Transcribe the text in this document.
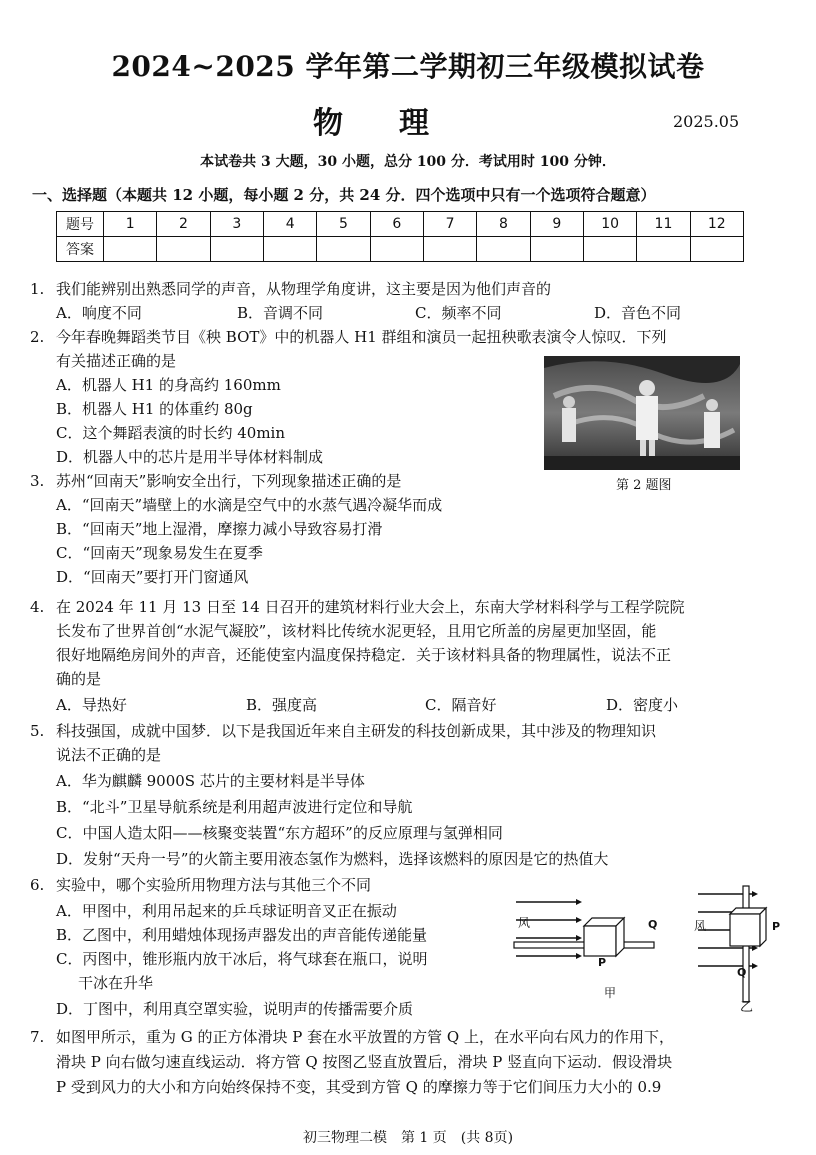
2024~2025 学年第二学期初三年级模拟试卷
物理	2025.05
本试卷共 3 大题，30 小题，总分 100 分．考试用时 100 分钟．
一、选择题（本题共 12 小题，每小题 2 分，共 24 分．四个选项中只有一个选项符合题意）
题号	1	2	3	4	5	6	7	8	9	10	11	12
答案												
1. 我们能辨别出熟悉同学的声音，从物理学角度讲，这主要是因为他们声音的
A．响度不同	B．音调不同	C．频率不同	D．音色不同
2. 今年春晚舞蹈类节目《秧 BOT》中的机器人 H1 群组和演员一起扭秧歌表演令人惊叹．下列
有关描述正确的是
A．机器人 H1 的身高约 160mm
B．机器人 H1 的体重约 80g
C．这个舞蹈表演的时长约 40min
D．机器人中的芯片是用半导体材料制成
第 2 题图
3. 苏州“回南天”影响安全出行，下列现象描述正确的是
A．“回南天”墙壁上的水滴是空气中的水蒸气遇冷凝华而成
B．“回南天”地上湿滑，摩擦力减小导致容易打滑
C．“回南天”现象易发生在夏季
D．“回南天”要打开门窗通风
4. 在 2024 年 11 月 13 日至 14 日召开的建筑材料行业大会上，东南大学材料科学与工程学院院
长发布了世界首创“水泥气凝胶”，该材料比传统水泥更轻，且用它所盖的房屋更加坚固，能
很好地隔绝房间外的声音，还能使室内温度保持稳定．关于该材料具备的物理属性，说法不正
确的是
A．导热好	B．强度高	C．隔音好	D．密度小
5. 科技强国，成就中国梦．以下是我国近年来自主研发的科技创新成果，其中涉及的物理知识
说法不正确的是
A．华为麒麟 9000S 芯片的主要材料是半导体
B．“北斗”卫星导航系统是利用超声波进行定位和导航
C．中国人造太阳——核聚变装置“东方超环”的反应原理与氢弹相同
D．发射“天舟一号”的火箭主要用液态氢作为燃料，选择该燃料的原因是它的热值大
6. 实验中，哪个实验所用物理方法与其他三个不同
A．甲图中，利用吊起来的乒乓球证明音叉正在振动
B．乙图中，利用蜡烛体现扬声器发出的声音能传递能量
C．丙图中，锥形瓶内放干冰后，将气球套在瓶口，说明
干冰在升华
D．丁图中，利用真空罩实验，说明声的传播需要介质
风
P
Q
甲
风	P
Q
乙
7. 如图甲所示，重为 G 的正方体滑块 P 套在水平放置的方管 Q 上，在水平向右风力的作用下，
滑块 P 向右做匀速直线运动．将方管 Q 按图乙竖直放置后，滑块 P 竖直向下运动．假设滑块
P 受到风力的大小和方向始终保持不变，其受到方管 Q 的摩擦力等于它们间压力大小的 0.9
初三物理二模　第 1 页　(共 8页)
